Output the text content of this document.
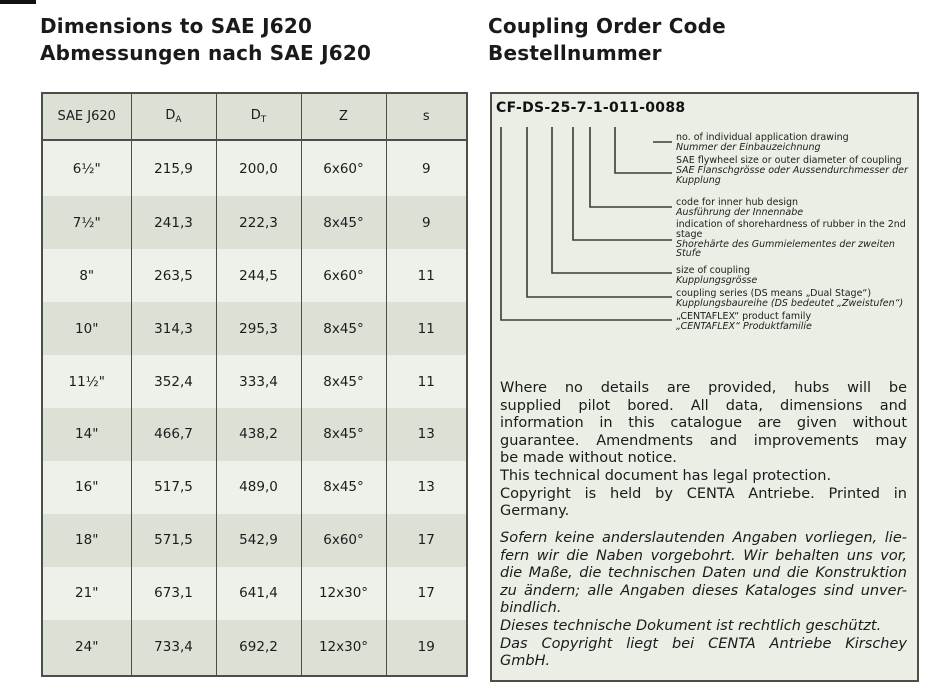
Dimensions to SAE J620
Abmessungen nach SAE J620
Coupling Order Code
Bestellnummer
SAE J620	$D_A$	$D_T$	Z	s
6½"	215,9	200,0	6x60°	9
7½"	241,3	222,3	8x45°	9
8"	263,5	244,5	6x60°	11
10"	314,3	295,3	8x45°	11
11½"	352,4	333,4	8x45°	11
14"	466,7	438,2	8x45°	13
16"	517,5	489,0	8x45°	13
18"	571,5	542,9	6x60°	17
21"	673,1	641,4	12x30°	17
24"	733,4	692,2	12x30°	19
CF-DS-25-7-1-011-0088
no. of individual application drawing
Nummer der Einbauzeichnung
SAE flywheel size or outer diameter of coupling
SAE Flanschgrösse oder Aussendurchmesser der Kupplung
code for inner hub design
Ausführung der Innennabe
indication of shorehardness of rubber in the 2nd stage
Shorehärte des Gummielementes der zweiten Stufe
size of coupling
Kupplungsgrösse
coupling series (DS means „Dual Stage“)
Kupplungsbaureihe (DS bedeutet „Zweistufen“)
„CENTAFLEX“ product family
„CENTAFLEX“ Produktfamilie
Where no details are provided, hubs will be
supplied pilot bored. All data, dimensions and
information in this catalogue are given without
guarantee. Amendments and improvements may
be made without notice.
This technical document has legal protection.
Copyright is held by CENTA Antriebe. Printed in
Germany.
Sofern keine anderslautenden Angaben vorliegen, lie-
fern wir die Naben vorgebohrt. Wir behalten uns vor,
die Maße, die technischen Daten und die Konstruktion
zu ändern; alle Angaben dieses Kataloges sind unver-
bindlich.
Dieses technische Dokument ist rechtlich geschützt.
Das Copyright liegt bei CENTA Antriebe Kirschey
GmbH.
